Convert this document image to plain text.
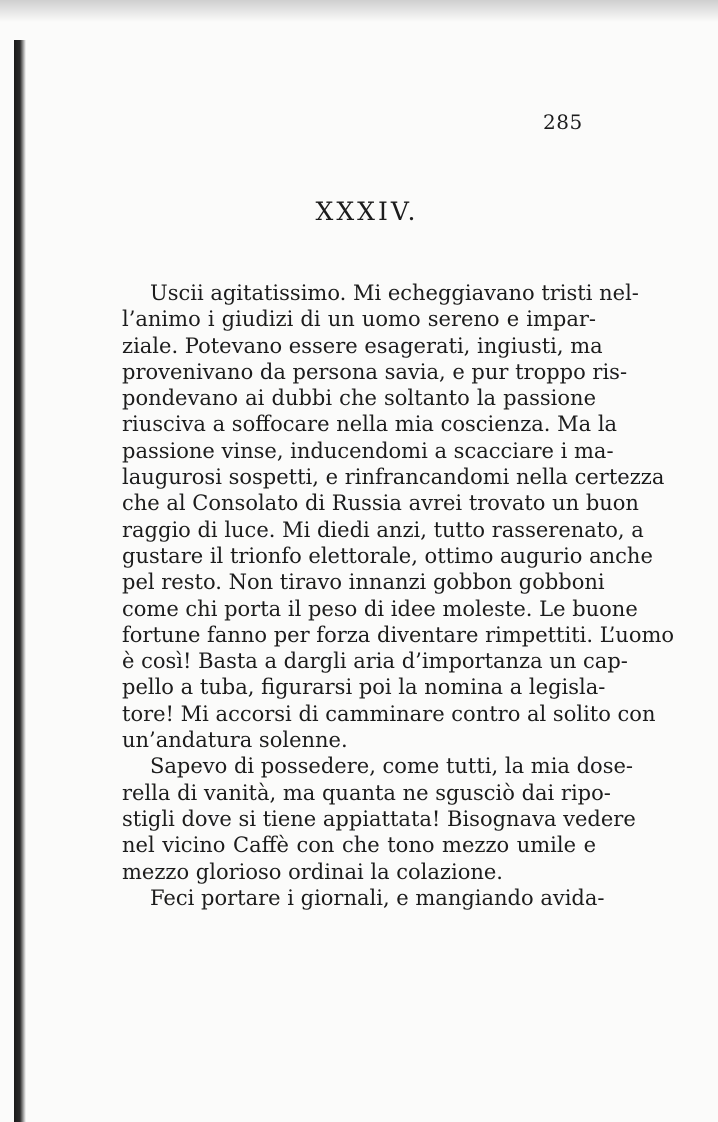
285
XXXIV.
Uscii agitatissimo. Mi echeggiavano tristi nel-
l’animo i giudizi di un uomo sereno e impar-
ziale. Potevano essere esagerati, ingiusti, ma
provenivano da persona savia, e pur troppo ris-
pondevano ai dubbi che soltanto la passione
riusciva a soffocare nella mia coscienza. Ma la
passione vinse, inducendomi a scacciare i ma-
laugurosi sospetti, e rinfrancandomi nella certezza
che al Consolato di Russia avrei trovato un buon
raggio di luce. Mi diedi anzi, tutto rasserenato, a
gustare il trionfo elettorale, ottimo augurio anche
pel resto. Non tiravo innanzi gobbon gobboni
come chi porta il peso di idee moleste. Le buone
fortune fanno per forza diventare rimpettiti. L’uomo
è così! Basta a dargli aria d’importanza un cap-
pello a tuba, figurarsi poi la nomina a legisla-
tore! Mi accorsi di camminare contro al solito con
un’andatura solenne.
Sapevo di possedere, come tutti, la mia dose-
rella di vanità, ma quanta ne sgusciò dai ripo-
stigli dove si tiene appiattata! Bisognava vedere
nel vicino Caffè con che tono mezzo umile e
mezzo glorioso ordinai la colazione.
Feci portare i giornali, e mangiando avida-
